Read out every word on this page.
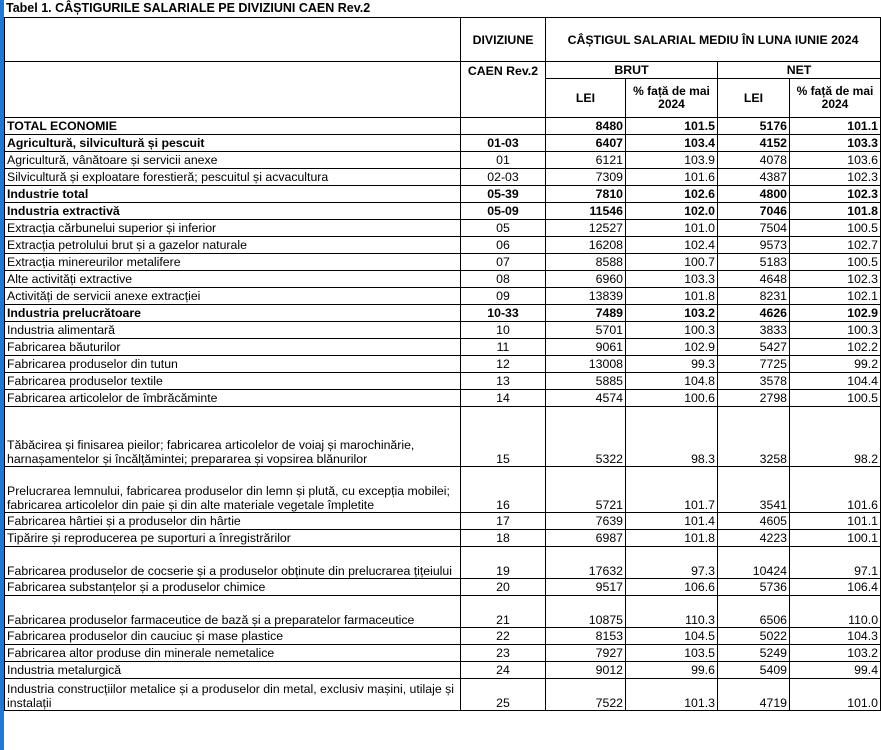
Tabel 1. CÂȘTIGURILE SALARIALE PE DIVIZIUNI CAEN Rev.2
	DIVIZIUNE	CÂȘTIGUL SALARIAL MEDIU ÎN LUNA IUNIE 2024			
	CAEN Rev.2	BRUT		NET	
		LEI	% față de mai 2024	LEI	% față de mai 2024
TOTAL ECONOMIE		8480	101.5	5176	101.1
Agricultură, silvicultură și pescuit	01-03	6407	103.4	4152	103.3
Agricultură, vânătoare și servicii anexe	01	6121	103.9	4078	103.6
Silvicultură și exploatare forestieră; pescuitul și acvacultura	02-03	7309	101.6	4387	102.3
Industrie total	05-39	7810	102.6	4800	102.3
Industria extractivă	05-09	11546	102.0	7046	101.8
Extracția cărbunelui superior și inferior	05	12527	101.0	7504	100.5
Extracția petrolului brut și a gazelor naturale	06	16208	102.4	9573	102.7
Extracția minereurilor metalifere	07	8588	100.7	5183	100.5
Alte activități extractive	08	6960	103.3	4648	102.3
Activități de servicii anexe extracției	09	13839	101.8	8231	102.1
Industria prelucrătoare	10-33	7489	103.2	4626	102.9
Industria alimentară	10	5701	100.3	3833	100.3
Fabricarea băuturilor	11	9061	102.9	5427	102.2
Fabricarea produselor din tutun	12	13008	99.3	7725	99.2
Fabricarea produselor textile	13	5885	104.8	3578	104.4
Fabricarea articolelor de îmbrăcăminte	14	4574	100.6	2798	100.5
Tăbăcirea și finisarea pieilor; fabricarea articolelor de voiaj și marochinărie, harnașamentelor și încălțămintei; prepararea și vopsirea blănurilor	15	5322	98.3	3258	98.2
Prelucrarea lemnului, fabricarea produselor din lemn și plută, cu excepția mobilei; fabricarea articolelor din paie și din alte materiale vegetale împletite	16	5721	101.7	3541	101.6
Fabricarea hârtiei și a produselor din hârtie	17	7639	101.4	4605	101.1
Tipărire și reproducerea pe suporturi a înregistrărilor	18	6987	101.8	4223	100.1
Fabricarea produselor de cocserie și a produselor obținute din prelucrarea țițeiului	19	17632	97.3	10424	97.1
Fabricarea substanțelor și a produselor chimice	20	9517	106.6	5736	106.4
Fabricarea produselor farmaceutice de bază și a preparatelor farmaceutice	21	10875	110.3	6506	110.0
Fabricarea produselor din cauciuc și mase plastice	22	8153	104.5	5022	104.3
Fabricarea altor produse din minerale nemetalice	23	7927	103.5	5249	103.2
Industria metalurgică	24	9012	99.6	5409	99.4
Industria construcțiilor metalice și a produselor din metal, exclusiv mașini, utilaje și instalații	25	7522	101.3	4719	101.0
